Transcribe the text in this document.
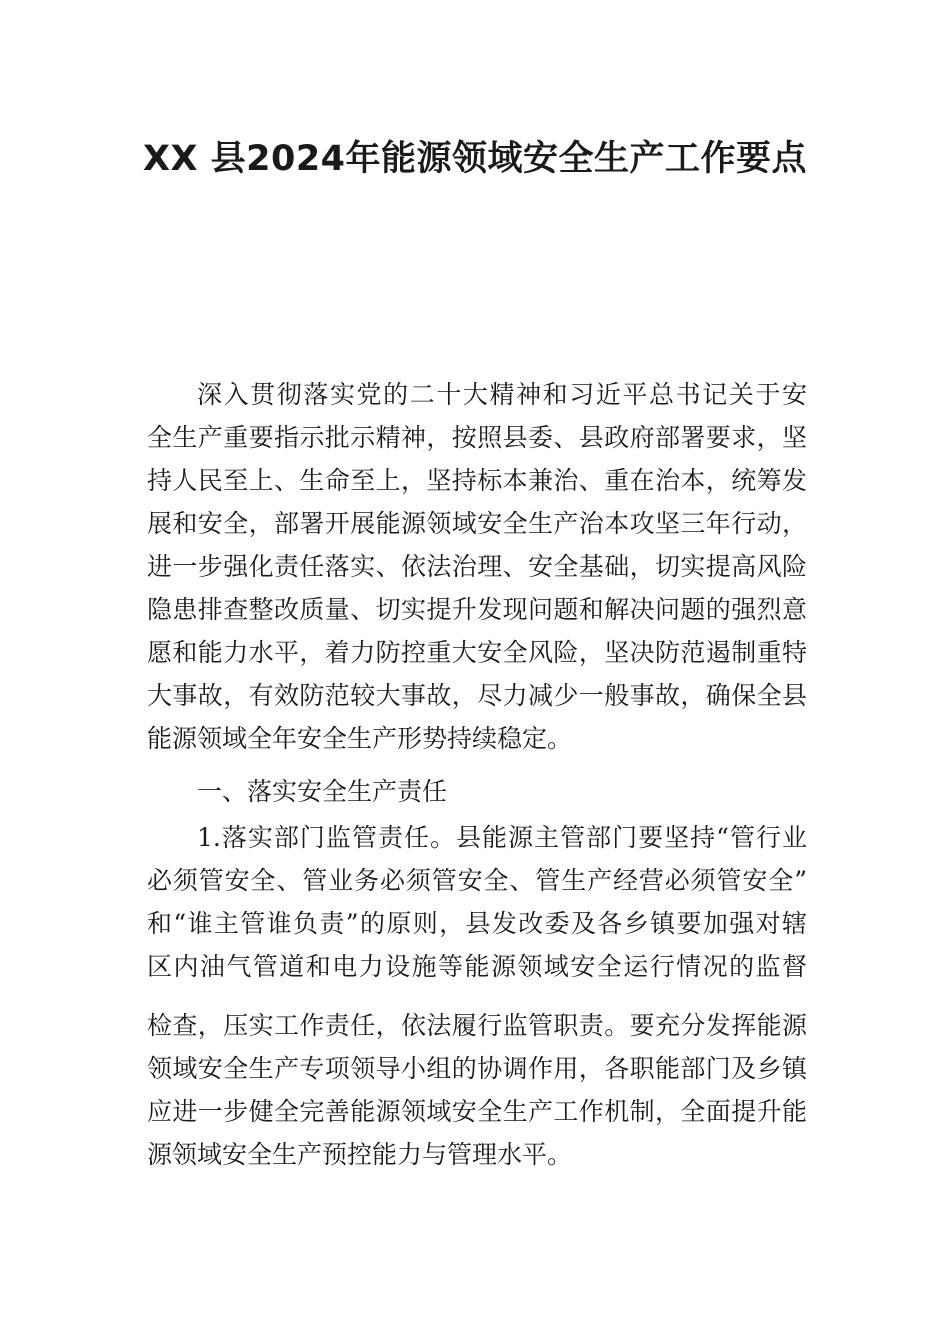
XX 县2024年能源领域安全生产工作要点

深入贯彻落实党的二十大精神和习近平总书记关于安

全生产重要指示批示精神，按照县委、县政府部署要求，坚

持人民至上、生命至上，坚持标本兼治、重在治本，统筹发

展和安全，部署开展能源领域安全生产治本攻坚三年行动，

进一步强化责任落实、依法治理、安全基础，切实提高风险

隐患排查整改质量、切实提升发现问题和解决问题的强烈意

愿和能力水平，着力防控重大安全风险，坚决防范遏制重特

大事故，有效防范较大事故，尽力减少一般事故，确保全县

能源领域全年安全生产形势持续稳定。

一、落实安全生产责任

1.落实部门监管责任。县能源主管部门要坚持“管行业

必须管安全、管业务必须管安全、管生产经营必须管安全”

和“谁主管谁负责”的原则，县发改委及各乡镇要加强对辖

区内油气管道和电力设施等能源领域安全运行情况的监督

检查，压实工作责任，依法履行监管职责。要充分发挥能源

领域安全生产专项领导小组的协调作用，各职能部门及乡镇

应进一步健全完善能源领域安全生产工作机制，全面提升能

源领域安全生产预控能力与管理水平。
